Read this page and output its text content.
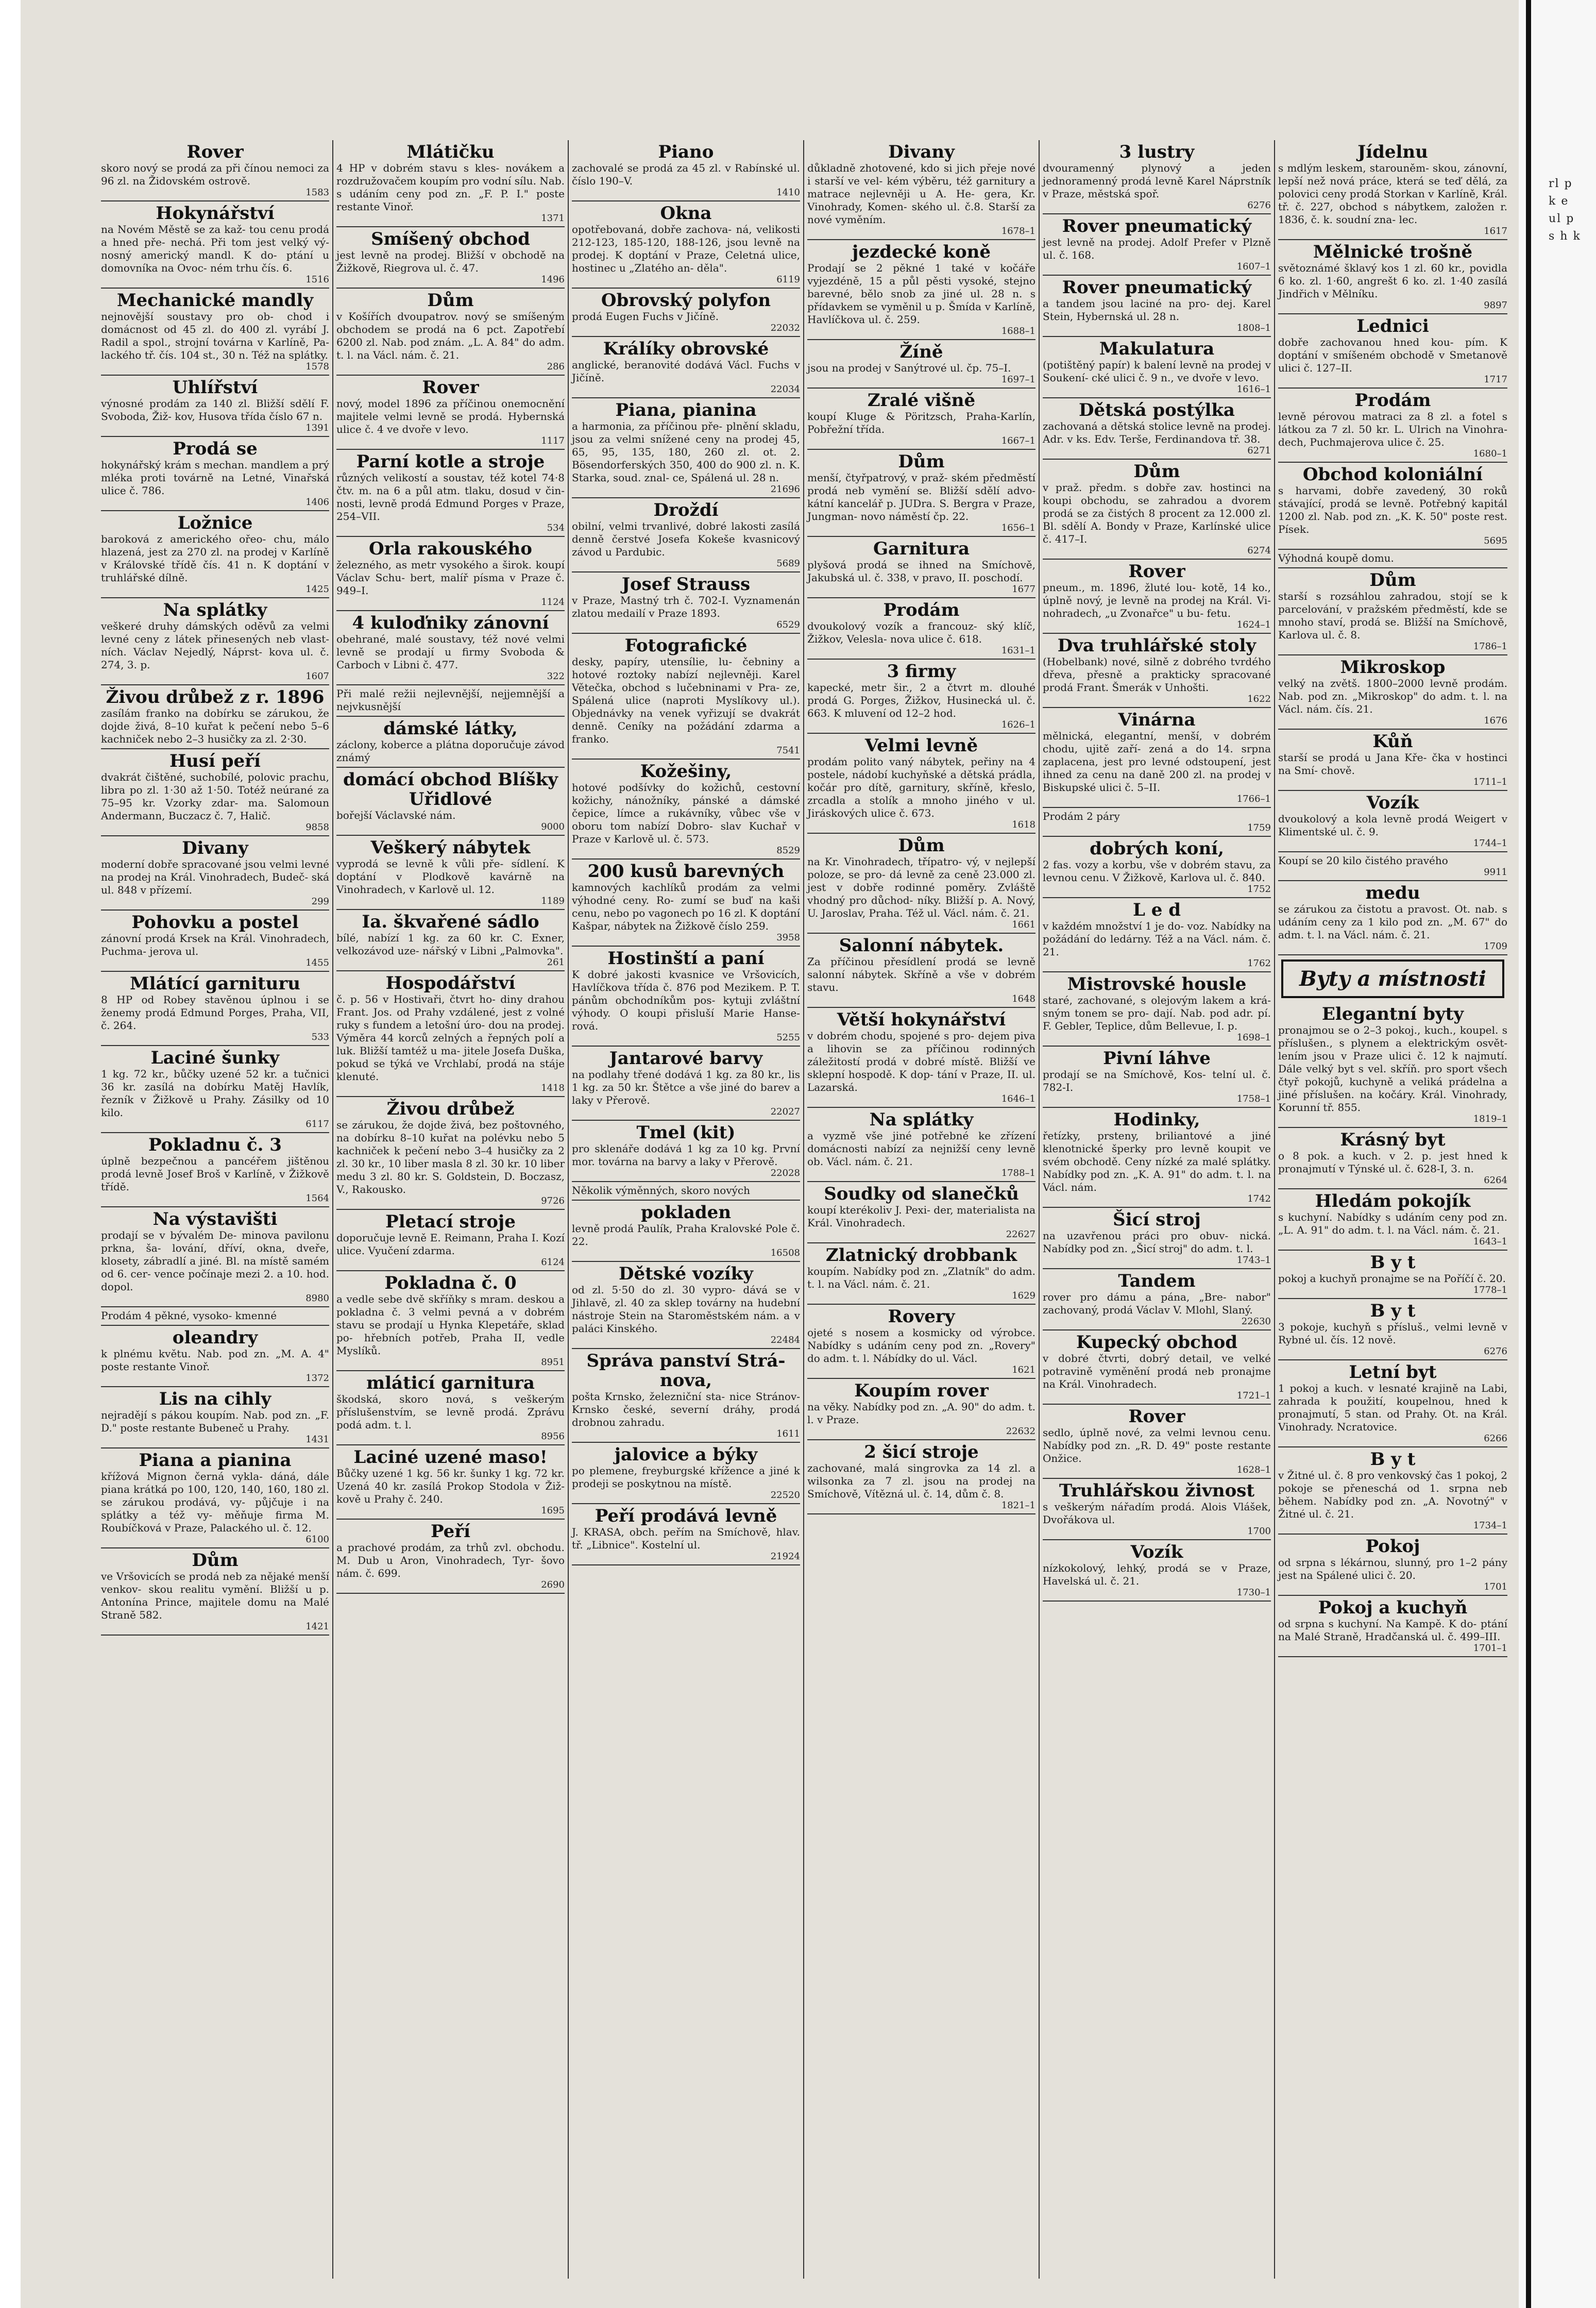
Rover

skoro nový se prodá za při čínou nemoci za 96 zl. na Židovském ostrově.

1583
Hokynářství

na Novém Městě se za kaž- tou cenu prodá a hned pře- nechá. Při tom jest velký vý- nosný americký mandl. K do- ptání u domovníka na Ovoc- ném trhu čís. 6.

1516
Mechanické mandly

nejnovější soustavy pro ob- chod i domácnost od 45 zl. do 400 zl. vyrábí J. Radil a spol., strojní továrna v Karlíně, Pa- lackého tř. čís. 104 st., 30 n. Též na splátky.

1578
Uhlířství

výnosné prodám za 140 zl. Bližší sdělí F. Svoboda, Žiž- kov, Husova třída číslo 67 n.

1391
Prodá se

hokynářský krám s mechan. mandlem a prý mléka proti továrně na Letné, Vinařská ulice č. 786.

1406
Ložnice

baroková z amerického ořeo- chu, málo hlazená, jest za 270 zl. na prodej v Karlíně v Královské třídě čís. 41 n. K doptání v truhlářské dílně.

1425
Na splátky

veškeré druhy dámských oděvů za velmi levné ceny z látek přinesených neb vlast- ních. Václav Nejedlý, Náprst- kova ul. č. 274, 3. p.

1607
Živou drůbež z r. 1896

zasílám franko na dobírku se zárukou, že dojde živá, 8–10 kuřat k pečení nebo 5–6 kachniček nebo 2–3 husičky za zl. 2·30.

Husí peří

dvakrát čištěné, suchobílé, polovic prachu, libra po zl. 1·30 až 1·50. Totéž neúrané za 75–95 kr. Vzorky zdar- ma. Salomoun Andermann, Buczacz č. 7, Halič.

9858
Divany

moderní dobře spracované jsou velmi levné na prodej na Král. Vinohradech, Budeč- ská ul. 848 v přízemí.

299
Pohovku a postel

zánovní prodá Krsek na Král. Vinohradech, Puchma- jerova ul.

1455
Mlátící garnituru

8 HP od Robey stavěnou úplnou i se ženemy prodá Edmund Porges, Praha, VII, č. 264.

533
Laciné šunky

1 kg. 72 kr., bůčky uzené 52 kr. a tučnici 36 kr. zasílá na dobírku Matěj Havlík, řezník v Žižkově u Prahy. Zásilky od 10 kilo.

6117
Pokladnu č. 3

úplně bezpečnou a pancéřem jištěnou prodá levně Josef Broš v Karlíně, v Žižkově třídě.

1564
Na výstavišti

prodají se v bývalém De- minova pavilonu prkna, ša- lování, dříví, okna, dveře, klosety, zábradlí a jiné. Bl. na místě samém od 6. cer- vence počínaje mezi 2. a 10. hod. dopol.

8980

Prodám 4 pěkné, vysoko- kmenné

oleandry

k plnému květu. Nab. pod zn. „M. A. 4" poste restante Vinoř.

1372
Lis na cihly

nejradějí s pákou koupím. Nab. pod zn. „F. D." poste restante Bubeneč u Prahy.

1431
Piana a pianina

křížová Mignon černá vykla- dáná, dále piana krátká po 100, 120, 140, 160, 180 zl. se zárukou prodává, vy- půjčuje i na splátky a též vy- měňuje firma M. Roubíčková v Praze, Palackého ul. č. 12.

6100
Dům

ve Vršovicích se prodá neb za nějaké menší venkov- skou realitu vymění. Bližší u p. Antonína Prince, majitele domu na Malé Straně 582.

1421
Mlátičku

4 HP v dobrém stavu s kles- novákem a rozdružovačem koupím pro vodní sílu. Nab. s udáním ceny pod zn. „F. P. I." poste restante Vinoř.

1371
Smíšený obchod

jest levně na prodej. Bližší v obchodě na Žižkově, Riegrova ul. č. 47.

1496
Dům

v Košířích dvoupatrov. nový se smíšeným obchodem se prodá na 6 pct. Zapotřebí 6200 zl. Nab. pod znám. „L. A. 84" do adm. t. l. na Václ. nám. č. 21.

286
Rover

nový, model 1896 za příčinou onemocnění majitele velmi levně se prodá. Hybernská ulice č. 4 ve dvoře v levo.

1117
Parní kotle a stroje

různých velikostí a soustav, též kotel 74·8 čtv. m. na 6 a půl atm. tlaku, dosud v čin- nosti, levně prodá Edmund Porges v Praze, 254–VII.

534
Orla rakouského

železného, as metr vysokého a širok. koupí Václav Schu- bert, malíř písma v Praze č. 949–I.

1124
4 kuloďniky zánovní

obehrané, malé soustavy, též nové velmi levně se prodají u firmy Svoboda & Carboch v Libni č. 477.

322

Při malé režii nejlevnější, nejjemnější a nejvkusnější

dámské látky,

záclony, koberce a plátna doporučuje závod známý

domácí obchod Blíšky Uřidlové

bořejší Václavské nám.

9000
Veškerý nábytek

vyprodá se levně k vůli pře- sídlení. K doptání v Plodkově kavárně na Vinohradech, v Karlově ul. 12.

1189
Ia. škvařené sádlo

bílé, nabízí 1 kg. za 60 kr. C. Exner, velkozávod uze- nářský v Libni „Palmovka".

261
Hospodářství

č. p. 56 v Hostivaři, čtvrt ho- diny drahou Frant. Jos. od Prahy vzdálené, jest z volné ruky s fundem a letošní úro- dou na prodej. Výměra 44 korců zelných a řepných polí a luk. Bližší tamtéž u ma- jitele Josefa Duška, pokud se týká ve Vrchlabí, prodá na stáje klenuté.

1418
Živou drůbež

se zárukou, že dojde živá, bez poštovného, na dobírku 8–10 kuřat na polévku nebo 5 kachniček k pečení nebo 3–4 husičky za 2 zl. 30 kr., 10 liber masla 8 zl. 30 kr. 10 liber medu 3 zl. 80 kr. S. Goldstein, D. Boczasz, V., Rakousko.

9726
Pletací stroje

doporučuje levně E. Reimann, Praha I. Kozí ulice. Vyučení zdarma.

6124
Pokladna č. 0

a vedle sebe dvě skříňky s mram. deskou a pokladna č. 3 velmi pevná a v dobrém stavu se prodají u Hynka Klepetáře, sklad po- hřebních potřeb, Praha II, vedle Myslíků.

8951
mláticí garnitura

škodská, skoro nová, s veškerým příslušenstvím, se levně prodá. Zprávu podá adm. t. l.

8956
Laciné uzené maso!

Bůčky uzené 1 kg. 56 kr. šunky 1 kg. 72 kr. Uzená 40 kr. zasílá Prokop Stodola v Žiž- kově u Prahy č. 240.

1695
Peří

a prachové prodám, za trhů zvl. obchodu. M. Dub u Aron, Vinohradech, Tyr- šovo nám. č. 699.

2690
Piano

zachovalé se prodá za 45 zl. v Rabínské ul. číslo 190–V.

1410
Okna

opotřebovaná, dobře zachova- ná, velikosti 212-123, 185-120, 188-126, jsou levně na prodej. K doptání v Praze, Celetná ulice, hostinec u „Zlatého an- děla".

6119
Obrovský polyfon

prodá Eugen Fuchs v Jičíně.

22032
Králíky obrovské

anglické, beranovité dodává Václ. Fuchs v Jičíně.

22034
Piana, pianina

a harmonia, za příčinou pře- plnění skladu, jsou za velmi snížené ceny na prodej 45, 65, 95, 135, 180, 260 zl. ot. 2. Bösendorferských 350, 400 do 900 zl. n. K. Starka, soud. znal- ce, Spálená ul. 28 n.

21696
Droždí

obilní, velmi trvanlivé, dobré lakosti zasílá denně čerstvé Josefa Kokeše kvasnicový závod u Pardubic.

5689
Josef Strauss

v Praze, Mastný trh č. 702-I. Vyznamenán zlatou medailí v Praze 1893.

6529
Fotografické

desky, papíry, utensílie, lu- čebniny a hotové roztoky nabízí nejlevněji. Karel Větečka, obchod s lučebninami v Pra- ze, Spálená ulice (naproti Myslíkovy ul.). Objednávky na venek vyřizují se dvakrát denně. Ceníky na požádání zdarma a franko.

7541
Kožešiny,

hotové podšívky do kožichů, cestovní kožichy, nánožníky, pánské a dámské čepice, límce a rukávníky, vůbec vše v oboru tom nabízí Dobro- slav Kuchař v Praze v Karlově ul. č. 573.

8529
200 kusů barevných

kamnových kachlíků prodám za velmi výhodné ceny. Ro- zumí se buď na kaši cenu, nebo po vagonech po 16 zl. K doptání Kašpar, nábytek na Žižkově číslo 259.

3958
Hostinští a paní

K dobré jakosti kvasnice ve Vršovicích, Havlíčkova třída č. 876 pod Mezikem. P. T. pánům obchodníkům pos- kytuji zvláštní výhody. O koupi přisluší Marie Hanse- rová.

5255
Jantarové barvy

na podlahy třené dodává 1 kg. za 80 kr., lis 1 kg. za 50 kr. Štětce a vše jiné do barev a laky v Přerově.

22027
Tmel (kit)

pro sklenáře dodává 1 kg za 10 kg. První mor. továrna na barvy a laky v Přerově.

22028

Několik výměnných, skoro nových

pokladen

levně prodá Paulík, Praha Kralovské Pole č. 22.

16508
Dětské vozíky

od zl. 5·50 do zl. 30 vypro- dává se v Jihlavě, zl. 40 za sklep továrny na hudební nástroje Stein na Staroměstském nám. a v paláci Kinského.

22484
Správa panství Strá- nova,

pošta Krnsko, železniční sta- nice Stránov-Krnsko české, severní dráhy, prodá drobnou zahradu.

1611
jalovice a býky

po plemene, freyburgské křížence a jiné k prodeji se poskytnou na místě.

22520
Peří prodává levně

J. KRASA, obch. peřím na Smíchově, hlav. tř. „Libnice". Kostelní ul.

21924
Divany

důkladně zhotovené, kdo si jich přeje nové i starší ve vel- kém výběru, též garnitury a matrace nejlevněji u A. He- gera, Kr. Vinohrady, Komen- ského ul. č.8. Starší za nové vyměním.

1678–1
jezdecké koně

Prodají se 2 pěkné 1 také v kočáře vyjezdéně, 15 a půl pěsti vysoké, stejno barevné, bělo snob za jiné ul. 28 n. s přídavkem se vyměnil u p. Šmída v Karlíně, Havlíčkova ul. č. 259.

1688–1
Žíně

jsou na prodej v Sanýtrové ul. čp. 75–I.

1697–1
Zralé višně

koupí Kluge & Pöritzsch, Praha-Karlín, Pobřežní třída.

1667–1
Dům

menší, čtyřpatrový, v praž- ském předměstí prodá neb vymění se. Bližší sdělí advo- kátní kancelář p. JUDra. S. Bergra v Praze, Jungman- novo náměstí čp. 22.

1656–1
Garnitura

plyšová prodá se ihned na Smíchově, Jakubská ul. č. 338, v pravo, II. poschodí.

1677
Prodám

dvoukolový vozík a francouz- ský klíč, Žižkov, Velesla- nova ulice č. 618.

1631–1
3 firmy

kapecké, metr šir., 2 a čtvrt m. dlouhé prodá G. Porges, Žižkov, Husinecká ul. č. 663. K mluvení od 12–2 hod.

1626–1
Velmi levně

prodám polito vaný nábytek, peřiny na 4 postele, nádobí kuchyňské a dětská prádla, kočár pro dítě, garnitury, skříně, křeslo, zrcadla a stolík a mnoho jiného v ul. Jiráskových ulice č. 673.

1618
Dům

na Kr. Vinohradech, třípatro- vý, v nejlepší poloze, se pro- dá levně za ceně 23.000 zl. jest v dobře rodinné poměry. Zvláště vhodný pro důchod- níky. Bližší p. A. Nový, U. Jaroslav, Praha. Též ul. Václ. nám. č. 21.

1661
Salonní nábytek.

Za příčinou přesídlení prodá se levně salonní nábytek. Skříně a vše v dobrém stavu.

1648
Větší hokynářství

v dobrém chodu, spojené s pro- dejem piva a lihovin se za příčinou rodinných záležitostí prodá v dobré místě. Bližší ve sklepní hospodě. K dop- tání v Praze, II. ul. Lazarská.

1646–1
Na splátky

a vyzmě vše jiné potřebné ke zřízení domácnosti nabízí za nejnižší ceny levně ob. Václ. nám. č. 21.

1788–1
Soudky od slanečků

koupí kterékoliv J. Pexi- der, materialista na Král. Vinohradech.

22627
Zlatnický drobbank

koupím. Nabídky pod zn. „Zlatník" do adm. t. l. na Václ. nám. č. 21.

1629
Rovery

ojeté s nosem a kosmicky od výrobce. Nabídky s udáním ceny pod zn. „Rovery" do adm. t. l. Nábídky do ul. Václ.

1621
Koupím rover

na věky. Nabídky pod zn. „A. 90" do adm. t. l. v Praze.

22632
2 šicí stroje

zachované, malá singrovka za 14 zl. a wilsonka za 7 zl. jsou na prodej na Smíchově, Vítězná ul. č. 14, dům č. 8.

1821–1
3 lustry

dvouramenný plynový a jeden jednoramenný prodá levně Karel Náprstník v Praze, městská spoř.

6276
Rover pneumatický

jest levně na prodej. Adolf Prefer v Plzně ul. č. 168.

1607–1
Rover pneumatický

a tandem jsou laciné na pro- dej. Karel Stein, Hybernská ul. 28 n.

1808–1
Makulatura

(potištěný papír) k balení levně na prodej v Soukení- cké ulici č. 9 n., ve dvoře v levo.

1616–1
Dětská postýlka

zachovaná a dětská stolice levně na prodej. Adr. v ks. Edv. Terše, Ferdinandova tř. 38.

6271
Dům

v praž. předm. s dobře zav. hostinci na koupi obchodu, se zahradou a dvorem prodá se za čistých 8 procent za 12.000 zl. Bl. sdělí A. Bondy v Praze, Karlínské ulice č. 417–I.

6274
Rover

pneum., m. 1896, žluté lou- kotě, 14 ko., úplně nový, je levně na prodej na Král. Vi- nohradech, „u Zvonařce" u bu- fetu.

1624–1
Dva truhlářské stoly

(Hobelbank) nové, silně z dobrého tvrdého dřeva, přesně a prakticky spracované prodá Frant. Šmerák v Unhošti.

1622
Vinárna

mělnická, elegantní, menší, v dobrém chodu, ujitě zaří- zená a do 14. srpna zaplacena, jest pro levné odstoupení, jest ihned za cenu na daně 200 zl. na prodej v Biskupské ulici č. 5–II.

1766–1

Prodám 2 páry

1759
dobrých koní,

2 fas. vozy a korbu, vše v dobrém stavu, za levnou cenu. V Žižkově, Karlova ul. č. 840.

1752
L e d

v každém množství 1 je do- voz. Nabídky na požádání do ledárny. Též a na Václ. nám. č. 21.

1762
Mistrovské housle

staré, zachované, s olejovým lakem a krá- sným tonem se pro- dají. Nab. pod adr. pí. F. Gebler, Teplice, dům Bellevue, I. p.

1698–1
Pivní láhve

prodají se na Smíchově, Kos- telní ul. č. 782-I.

1758–1
Hodinky,

řetízky, prsteny, briliantové a jiné klenotnické šperky pro levně koupit ve svém obchodě. Ceny nízké za malé splátky. Nabídky pod zn. „K. A. 91" do adm. t. l. na Václ. nám.

1742
Šicí stroj

na uzavřenou práci pro obuv- nická. Nabídky pod zn. „Šicí stroj" do adm. t. l.

1743–1
Tandem

rover pro dámu a pána, „Bre- nabor" zachovaný, prodá Václav V. Mlohl, Slaný.

22630
Kupecký obchod

v dobré čtvrti, dobrý detail, ve velké potravině vyměnění prodá neb pronajme na Král. Vinohradech.

1721–1
Rover

sedlo, úplně nové, za velmi levnou cenu. Nabídky pod zn. „R. D. 49" poste restante Onžice.

1628–1
Truhlářskou živnost

s veškerým nářadím prodá. Alois Vlášek, Dvořákova ul.

1700
Vozík

nízkokolový, lehký, prodá se v Praze, Havelská ul. č. 21.

1730–1
Jídelnu

s mdlým leskem, starouněm- skou, zánovní, lepší než nová práce, která se teď dělá, za polovici ceny prodá Storkan v Karlíně, Král. tř. č. 227, obchod s nábytkem, založen r. 1836, č. k. soudní zna- lec.

1617
Mělnické trošně

světoznámé šklavý kos 1 zl. 60 kr., povidla 6 ko. zl. 1·60, angrešt 6 ko. zl. 1·40 zasílá Jindřich v Mělníku.

9897
Lednici

dobře zachovanou hned kou- pím. K doptání v smíšeném obchodě v Smetanově ulici č. 127–II.

1717
Prodám

levně pérovou matraci za 8 zl. a fotel s látkou za 7 zl. 50 kr. L. Ulrich na Vinohra- dech, Puchmajerova ulice č. 25.

1680–1
Obchod koloniální

s harvami, dobře zavedený, 30 roků stávající, prodá se levně. Potřebný kapitál 1200 zl. Nab. pod zn. „K. K. 50" poste rest. Písek.

5695

Výhodná koupě domu.

Dům

starší s rozsáhlou zahradou, stojí se k parcelování, v pražském předměstí, kde se mnoho staví, prodá se. Bližší na Smíchově, Karlova ul. č. 8.

1786–1
Mikroskop

velký na zvětš. 1800–2000 levně prodám. Nab. pod zn. „Mikroskop" do adm. t. l. na Václ. nám. čís. 21.

1676
Kůň

starší se prodá u Jana Kře- čka v hostinci na Smí- chově.

1711–1
Vozík

dvoukolový a kola levně prodá Weigert v Klimentské ul. č. 9.

1744–1

Koupí se 20 kilo čistého pravého

9911
medu

se zárukou za čistotu a pravost. Ot. nab. s udáním ceny za 1 kilo pod zn. „M. 67" do adm. t. l. na Václ. nám. č. 21.

1709
Byty a místnosti
Elegantní byty

pronajmou se o 2–3 pokoj., kuch., koupel. s příslušen., s plynem a elektrickým osvět- lením jsou v Praze ulici č. 12 k najmutí. Dále velký byt s vel. skříň. pro sport všech čtyř pokojů, kuchyně a veliká prádelna a jiné příslušen. na kočáry. Král. Vinohrady, Korunní tř. 855.

1819–1
Krásný byt

o 8 pok. a kuch. v 2. p. jest hned k pronajmutí v Týnské ul. č. 628-I, 3. n.

6264
Hledám pokojík

s kuchyní. Nabídky s udáním ceny pod zn. „L. A. 91" do adm. t. l. na Václ. nám. č. 21.

1643–1
B y t

pokoj a kuchyň pronajme se na Poříčí č. 20.

1778–1
B y t

3 pokoje, kuchyň s přísluš., velmi levně v Rybné ul. čís. 12 nově.

6276
Letní byt

1 pokoj a kuch. v lesnaté krajině na Labi, zahrada k použití, koupelnou, hned k pronajmutí, 5 stan. od Prahy. Ot. na Král. Vinohrady. Ncratovice.

6266
B y t

v Žitné ul. č. 8 pro venkovský čas 1 pokoj, 2 pokoje se přeneschá od 1. srpna neb během. Nabídky pod zn. „A. Novotný" v Žitné ul. č. 21.

1734–1
Pokoj

od srpna s lékárnou, slunný, pro 1–2 pány jest na Spálené ulici č. 20.

1701
Pokoj a kuchyň

od srpna s kuchyní. Na Kampě. K do- ptání na Malé Straně, Hradčanská ul. č. 499–III.

1701–1
rl p k e ul p s h k
